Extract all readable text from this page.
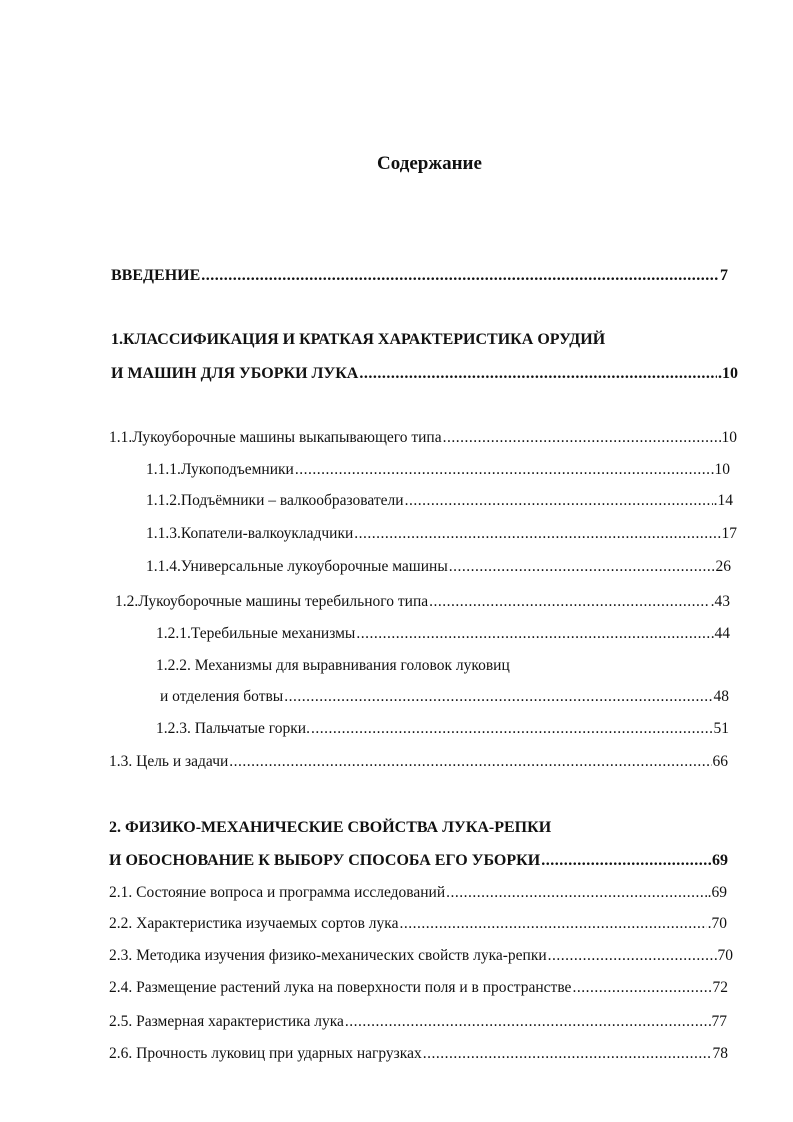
Содержание
ВВЕДЕНИЕ .....	7
1.КЛАССИФИКАЦИЯ И КРАТКАЯ ХАРАКТЕРИСТИКА ОРУДИЙ
И МАШИН ДЛЯ УБОРКИ ЛУКА .....	.10
1.1.Лукоуборочные машины выкапывающего типа .....	10
1.1.1.Лукоподъемники .....	.10
1.1.2.Подъёмники – валкообразователи .....	.14
1.1.3.Копатели-валкоукладчики .....	17
1.1.4.Универсальные лукоуборочные машины .....	26
1.2.Лукоуборочные машины теребильного типа .....	.43
1.2.1.Теребильные механизмы .....	44
1.2.2. Механизмы для выравнивания головок луковиц
и отделения ботвы .....	48
1.2.3. Пальчатые горки. .....	51
1.3. Цель и задачи .....	66
2. ФИЗИКО-МЕХАНИЧЕСКИЕ СВОЙСТВА ЛУКА-РЕПКИ
И ОБОСНОВАНИЕ К ВЫБОРУ СПОСОБА ЕГО УБОРКИ .....	69
2.1. Состояние вопроса и программа исследований .....	.69
2.2. Характеристика изучаемых сортов лука .....	.70
2.3. Методика изучения физико-механических свойств лука-репки .....	70
2.4. Размещение растений лука на поверхности поля и в пространстве .....	72
2.5. Размерная характеристика лука .....	77
2.6. Прочность луковиц при ударных нагрузках .....	78
